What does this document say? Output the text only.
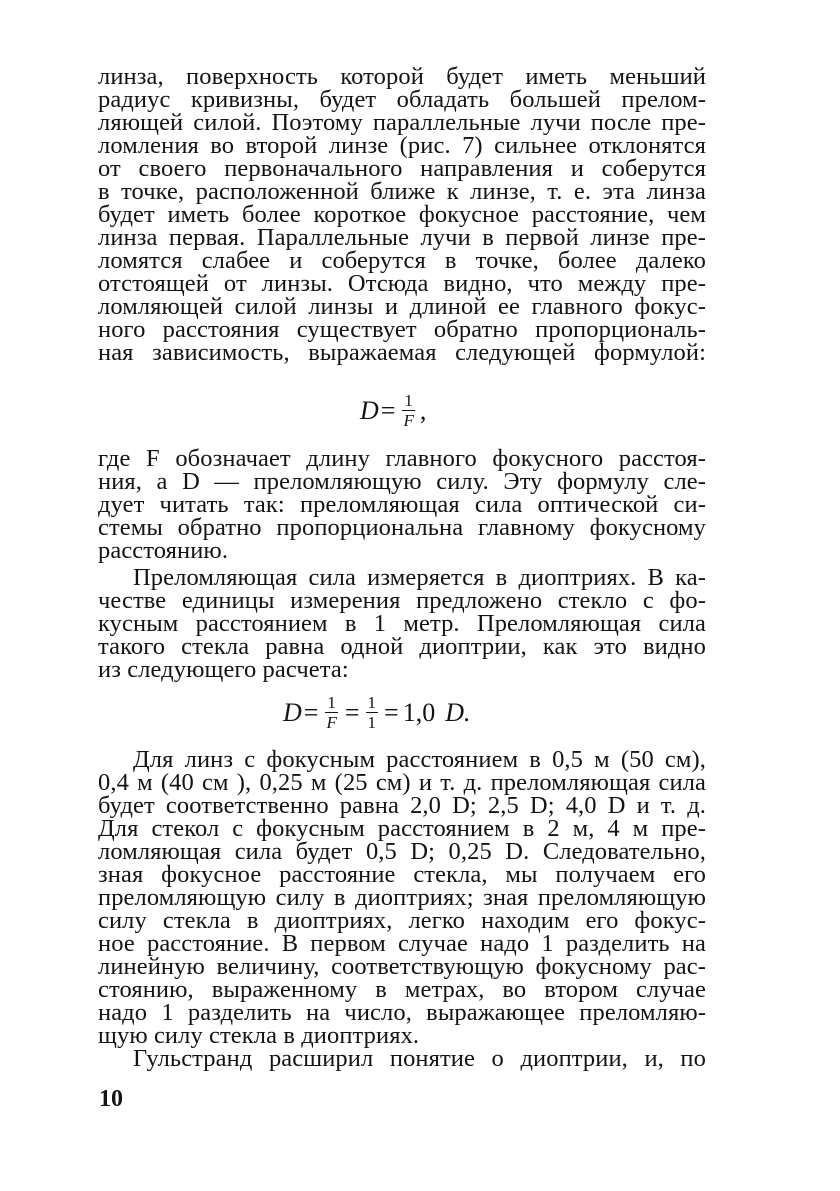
линза, поверхность которой будет иметь меньший
радиус кривизны, будет обладать большей прелом-
ляющей силой. Поэтому параллельные лучи после пре-
ломления во второй линзе (рис. 7) сильнее отклонятся
от своего первоначального направления и соберутся
в точке, расположенной ближе к линзе, т. е. эта линза
будет иметь более короткое фокусное расстояние, чем
линза первая. Параллельные лучи в первой линзе пре-
ломятся слабее и соберутся в точке, более далеко
отстоящей от линзы. Отсюда видно, что между пре-
ломляющей силой линзы и длиной ее главного фокус-
ного расстояния существует обратно пропорциональ-
ная зависимость, выражаемая следующей формулой:
$D = \frac{1}{F}$ ,
где F обозначает длину главного фокусного расстоя-
ния, а D — преломляющую силу. Эту формулу сле-
дует читать так: преломляющая сила оптической си-
стемы обратно пропорциональна главному фокусному
расстоянию.
Преломляющая сила измеряется в диоптриях. В ка-
честве единицы измерения предложено стекло с фо-
кусным расстоянием в 1 метр. Преломляющая сила
такого стекла равна одной диоптрии, как это видно
из следующего расчета:
$D = \frac{1}{F} = \frac{1}{1} = 1,0$ D.
Для линз с фокусным расстоянием в 0,5 м (50 см),
0,4 м (40 см ), 0,25 м (25 см) и т. д. преломляющая сила
будет соответственно равна 2,0 D; 2,5 D; 4,0 D и т. д.
Для стекол с фокусным расстоянием в 2 м, 4 м пре-
ломляющая сила будет 0,5 D; 0,25 D. Следовательно,
зная фокусное расстояние стекла, мы получаем его
преломляющую силу в диоптриях; зная преломляющую
силу стекла в диоптриях, легко находим его фокус-
ное расстояние. В первом случае надо 1 разделить на
линейную величину, соответствующую фокусному рас-
стоянию, выраженному в метрах, во втором случае
надо 1 разделить на число, выражающее преломляю-
щую силу стекла в диоптриях.
Гульстранд расширил понятие о диоптрии, и, по
10
